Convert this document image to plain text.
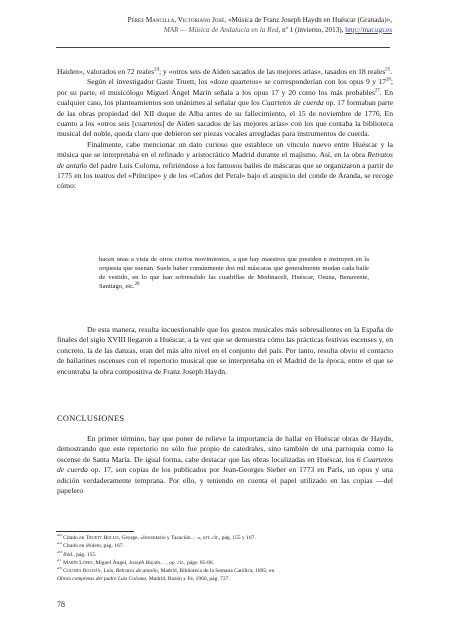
Pérez Mancilla, Victoriano José, «Música de Franz Joseph Haydn en Huéscar (Granada)»,
MAR — Música de Andalucía en la Red, nº 1 (invierno, 2013), http://mar.ugr.es

Haiden», valorados en 72 reales$^{24}$; y «otros seis de Aiden sacados de las mejores arias», tasados en 18 reales$^{25}$.

Según el investigador Gaste Truett, los «doze quartetos» se corresponderían con los opus 9 y $17^{26}$; por su parte, el musicólogo Miguel Ángel Marín señala a los opus 17 y 20 como los más probables$^{27}$. En cualquier caso, los planteamientos son unánimes al señalar que los Cuartetos de cuerda op. 17 formaban parte de las obras propiedad del XII duque de Alba antes de su fallecimiento, el 15 de noviembre de 1776. En cuanto a los «otros seis [cuartetos] de Aiden sacados de las mejores arias» con los que contaba la biblioteca musical del noble, queda claro que debieron ser piezas vocales arregladas para instrumentos de cuerda.

Finalmente, cabe mencionar un dato curioso que establece un vínculo nuevo entre Huéscar y la música que se interpretaba en el refinado y aristocrático Madrid durante el majismo. Así, en la obra Retratos de antaño del padre Luis Coloma, refiriéndose a los famosos bailes de máscaras que se organizaron a partir de 1775 en los teatros del «Príncipe» y de los «Caños del Peral» bajo el auspicio del conde de Aranda, se recoge cómo:

hacen unas a vista de otros ciertos movimientos, a que hay maestros que presiden e instruyen en la orquesta que suenan. Suele haber comúnmente dos mil máscaras que generalmente mudan cada baile de vestido, en lo que han sobresalido las cuadrillas de Medinaceli, Huéscar, Osuna, Benavente, Santiago, etc.$^{28}$

De esta manera, resulta incuestionable que los gustos musicales más sobresalientes en la España de finales del siglo XVIII llegaron a Huéscar, a la vez que se demuestra cómo las prácticas festivas escenses y, en concreto, la de las danzas, eran del más alto nivel en el conjunto del país. Por tanto, resulta obvio el contacto de bailarines oscenses con el repertorio musical que se interpretaba en el Madrid de la época, entre el que se encontraba la obra compositiva de Franz Joseph Haydn.

CONCLUSIONES

En primer término, hay que poner de relieve la importancia de hallar en Huéscar obras de Haydn, demostrando que este repertorio no sólo fue propio de catedrales, sino también de una parroquia como la oscense de Santa María. De igual forma, cabe destacar que las obras localizadas en Huéscar, los 6 Cuartetos de cuerda op. 17, son copias de los publicados por Jean-Georges Sieber en 1773 en París, un opus y una edición verdaderamente temprana. Por ello, y teniendo en cuenta el papel utilizado en las copias —del papelero

$^{26}$ Citado en Truett Hollis, George, «Inventario y Tasación… », art. cit., pág. 155 y 167.
$^{25}$ Citado en ibidem, pág. 167.
$^{26}$ Ibid., pág. 155.
$^{27}$ Marín López, Miguel Ángel, Joseph Haydn… , op. cit., págs. 85-86.
$^{28}$ Coloma Roldán, Luis, Retratos de antaño, Madrid, Biblioteca de la Semana Católica, 1895; en
Obras completas del padre Luis Coloma, Madrid, Razón y Fe, 1960, pág. 737.
78
